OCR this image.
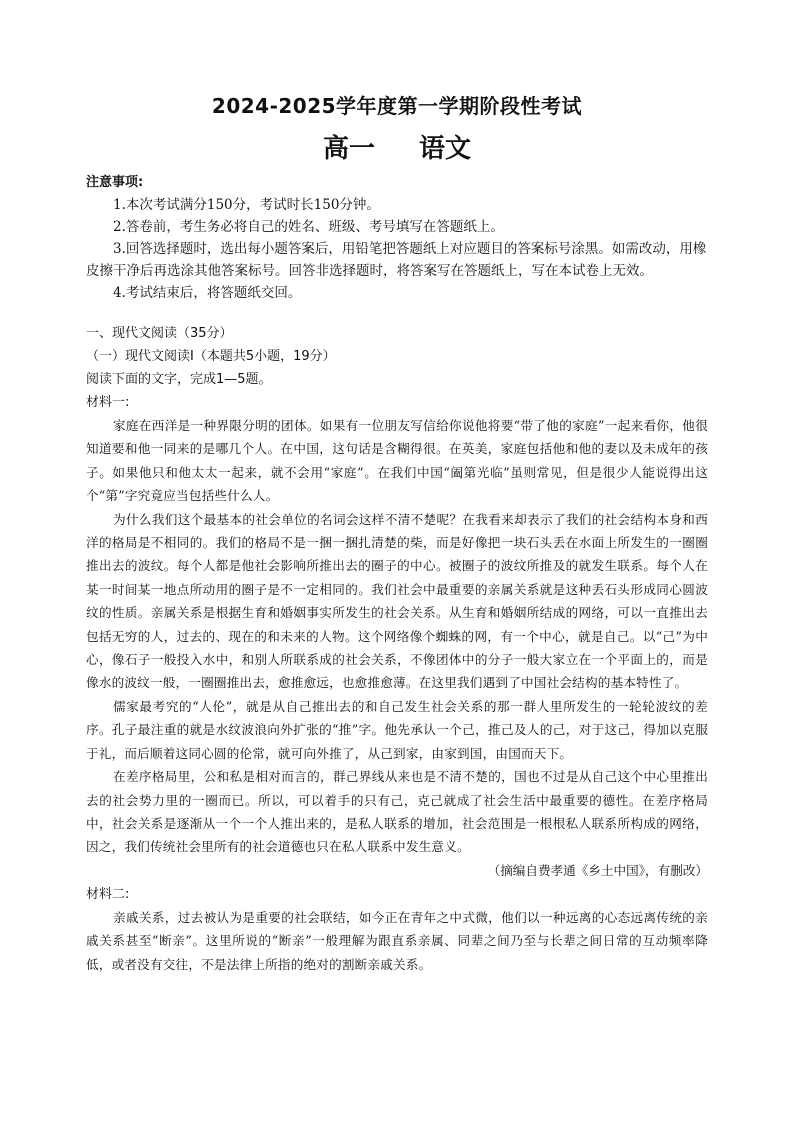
2024-2025学年度第一学期阶段性考试
高一 语文
注意事项:
1.本次考试满分150分，考试时长150分钟。
2.答卷前，考生务必将自己的姓名、班级、考号填写在答题纸上。
3.回答选择题时，选出每小题答案后，用铅笔把答题纸上对应题目的答案标号涂黑。如需改动，用橡皮擦干净后再选涂其他答案标号。回答非选择题时，将答案写在答题纸上，写在本试卷上无效。
4.考试结束后，将答题纸交回。
一、现代文阅读（35分）
（一）现代文阅读Ⅰ（本题共5小题，19分）
阅读下面的文字，完成1—5题。
材料一:
家庭在西洋是一种界限分明的团体。如果有一位朋友写信给你说他将要“带了他的家庭”一起来看你，他很知道要和他一同来的是哪几个人。在中国，这句话是含糊得很。在英美，家庭包括他和他的妻以及未成年的孩子。如果他只和他太太一起来，就不会用“家庭”。在我们中国“阖第光临”虽则常见，但是很少人能说得出这个“第”字究竟应当包括些什么人。
为什么我们这个最基本的社会单位的名词会这样不清不楚呢？在我看来却表示了我们的社会结构本身和西洋的格局是不相同的。我们的格局不是一捆一捆扎清楚的柴，而是好像把一块石头丢在水面上所发生的一圈圈推出去的波纹。每个人都是他社会影响所推出去的圈子的中心。被圈子的波纹所推及的就发生联系。每个人在某一时间某一地点所动用的圈子是不一定相同的。我们社会中最重要的亲属关系就是这种丢石头形成同心圆波纹的性质。亲属关系是根据生育和婚姻事实所发生的社会关系。从生育和婚姻所结成的网络，可以一直推出去包括无穷的人，过去的、现在的和未来的人物。这个网络像个蜘蛛的网，有一个中心，就是自己。以“己”为中心，像石子一般投入水中，和别人所联系成的社会关系，不像团体中的分子一般大家立在一个平面上的，而是像水的波纹一般，一圈圈推出去，愈推愈远，也愈推愈薄。在这里我们遇到了中国社会结构的基本特性了。
儒家最考究的“人伦”，就是从自己推出去的和自己发生社会关系的那一群人里所发生的一轮轮波纹的差序。孔子最注重的就是水纹波浪向外扩张的“推”字。他先承认一个己，推己及人的己，对于这己，得加以克服于礼，而后顺着这同心圆的伦常，就可向外推了，从己到家，由家到国，由国而天下。
在差序格局里，公和私是相对而言的，群己界线从来也是不清不楚的，国也不过是从自己这个中心里推出去的社会势力里的一圈而已。所以，可以着手的只有己，克己就成了社会生活中最重要的德性。在差序格局中，社会关系是逐渐从一个一个人推出来的，是私人联系的增加，社会范围是一根根私人联系所构成的网络，因之，我们传统社会里所有的社会道德也只在私人联系中发生意义。
（摘编自费孝通《乡土中国》，有删改）
材料二:
亲戚关系，过去被认为是重要的社会联结，如今正在青年之中式微，他们以一种远离的心态远离传统的亲戚关系甚至“断亲”。这里所说的“断亲”一般理解为跟直系亲属、同辈之间乃至与长辈之间日常的互动频率降低，或者没有交往，不是法律上所指的绝对的割断亲戚关系。
